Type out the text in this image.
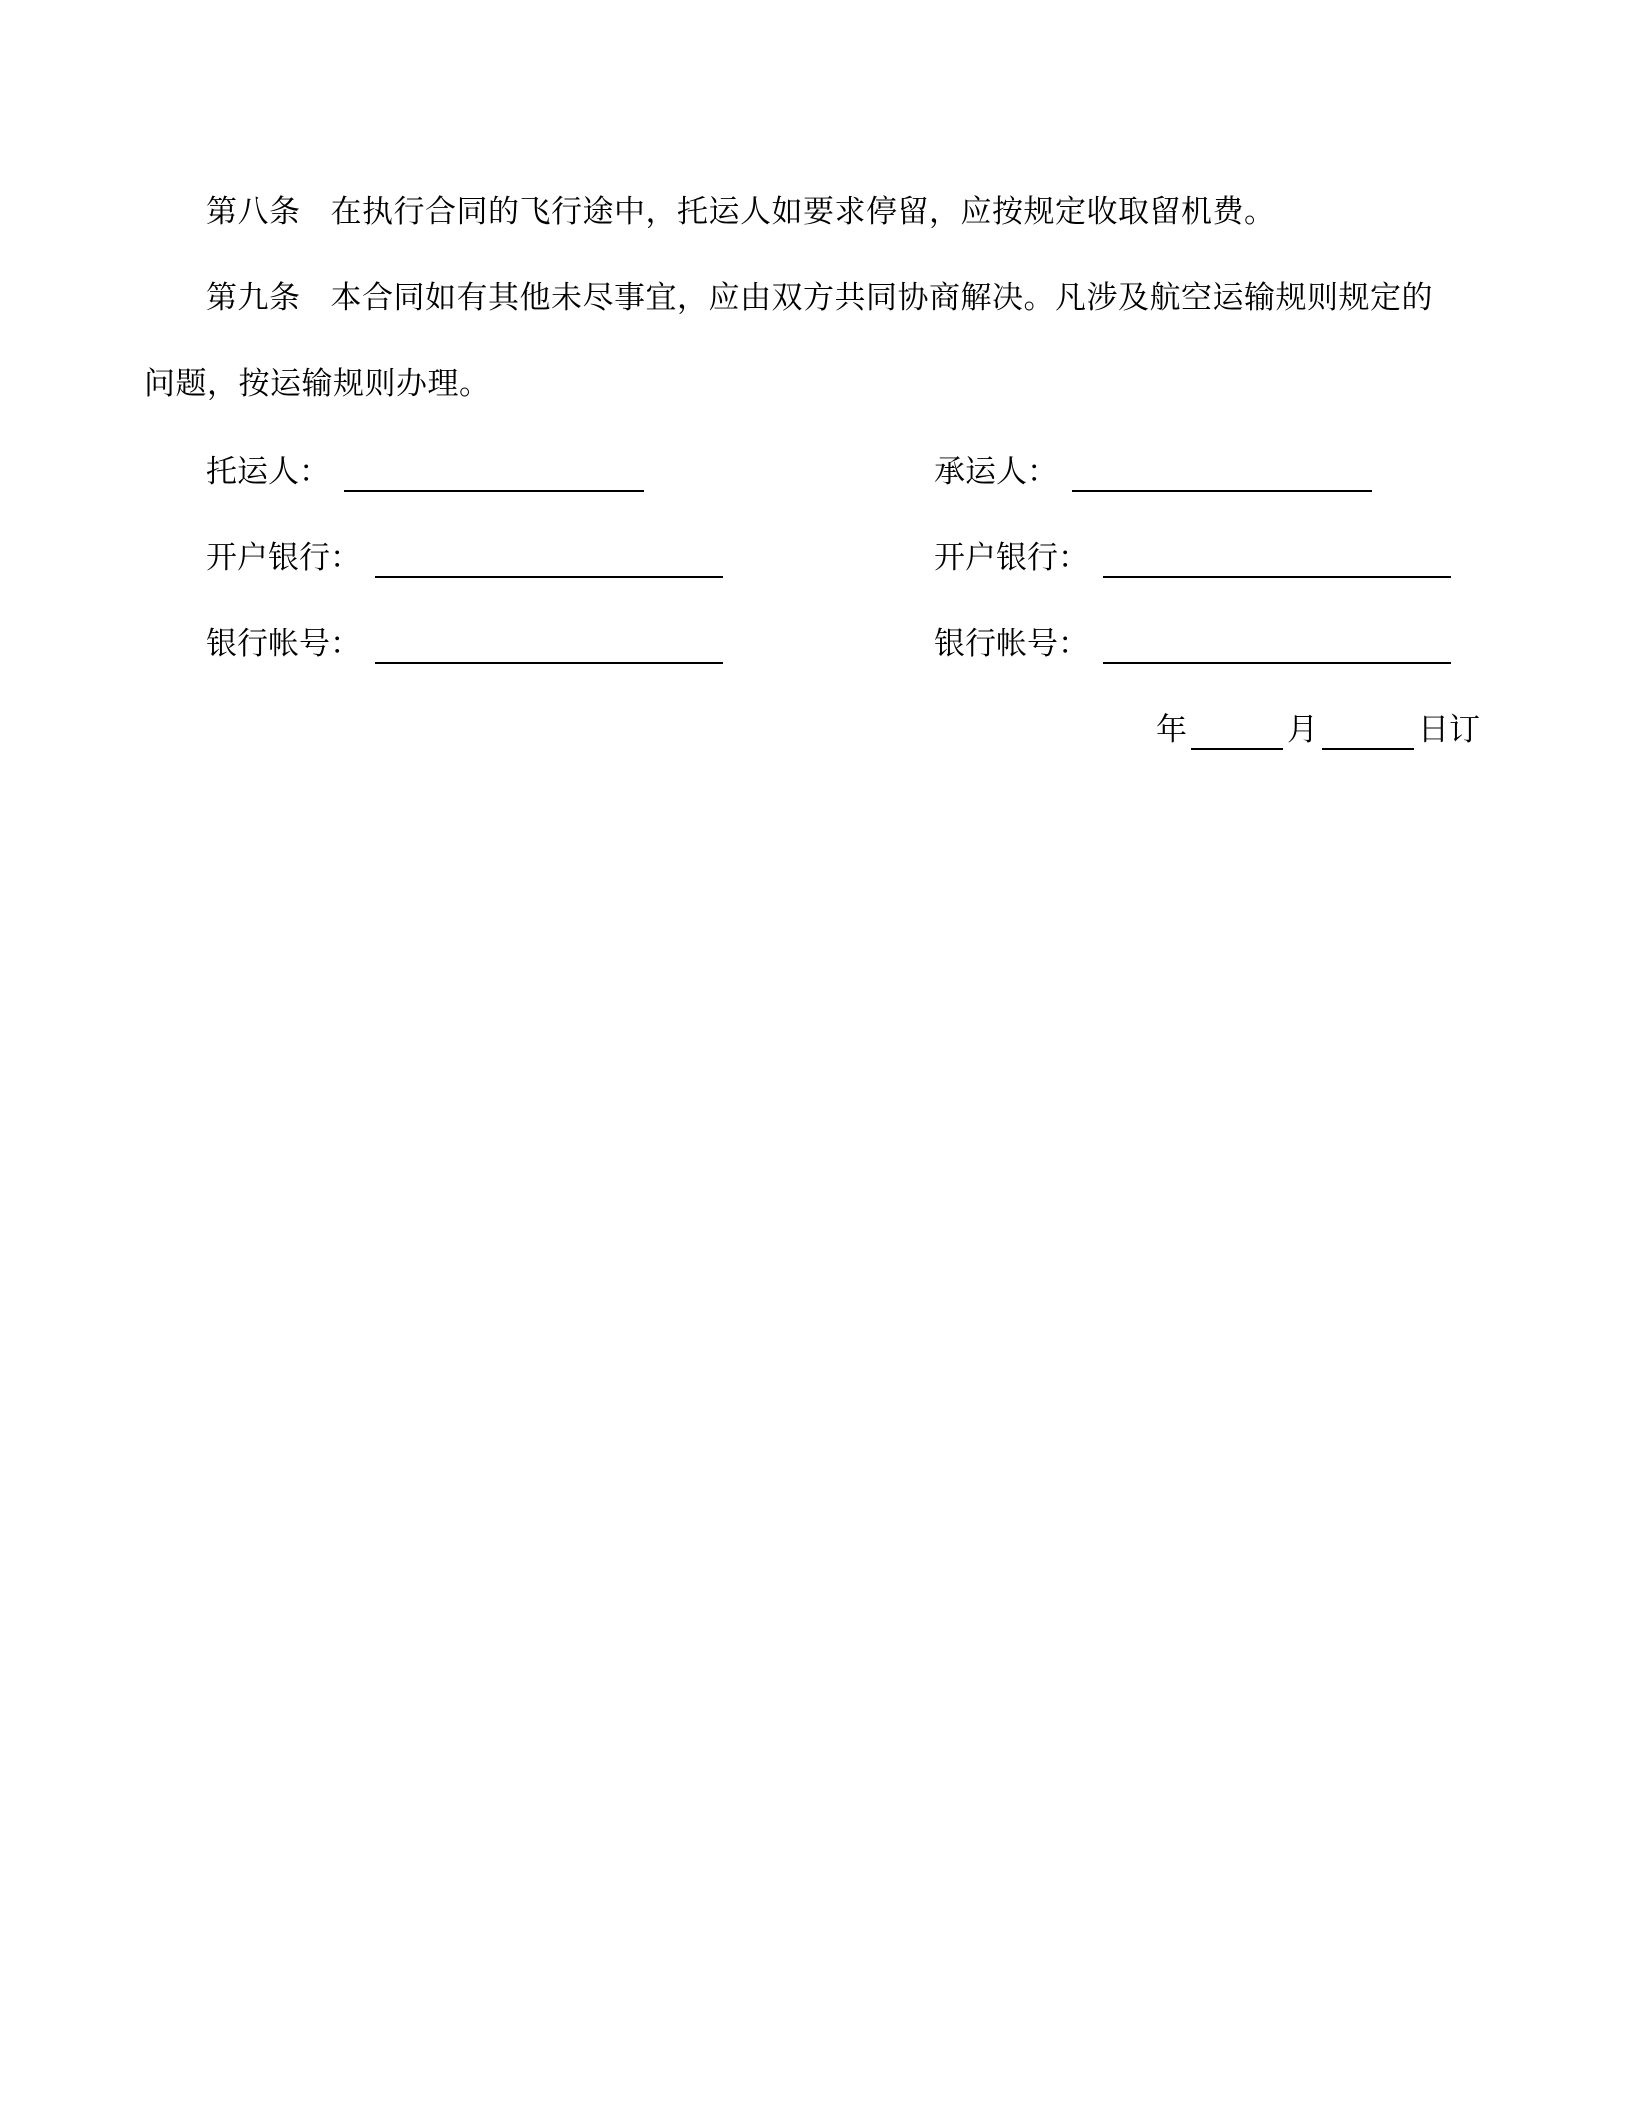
第八条 在执行合同的飞行途中，托运人如要求停留，应按规定收取留机费。
第九条 本合同如有其他未尽事宜，应由双方共同协商解决。凡涉及航空运输规则规定的
问题，按运输规则办理。
托运人：
开户银行：
银行帐号：
承运人：
开户银行：
银行帐号：
年	月	日订
